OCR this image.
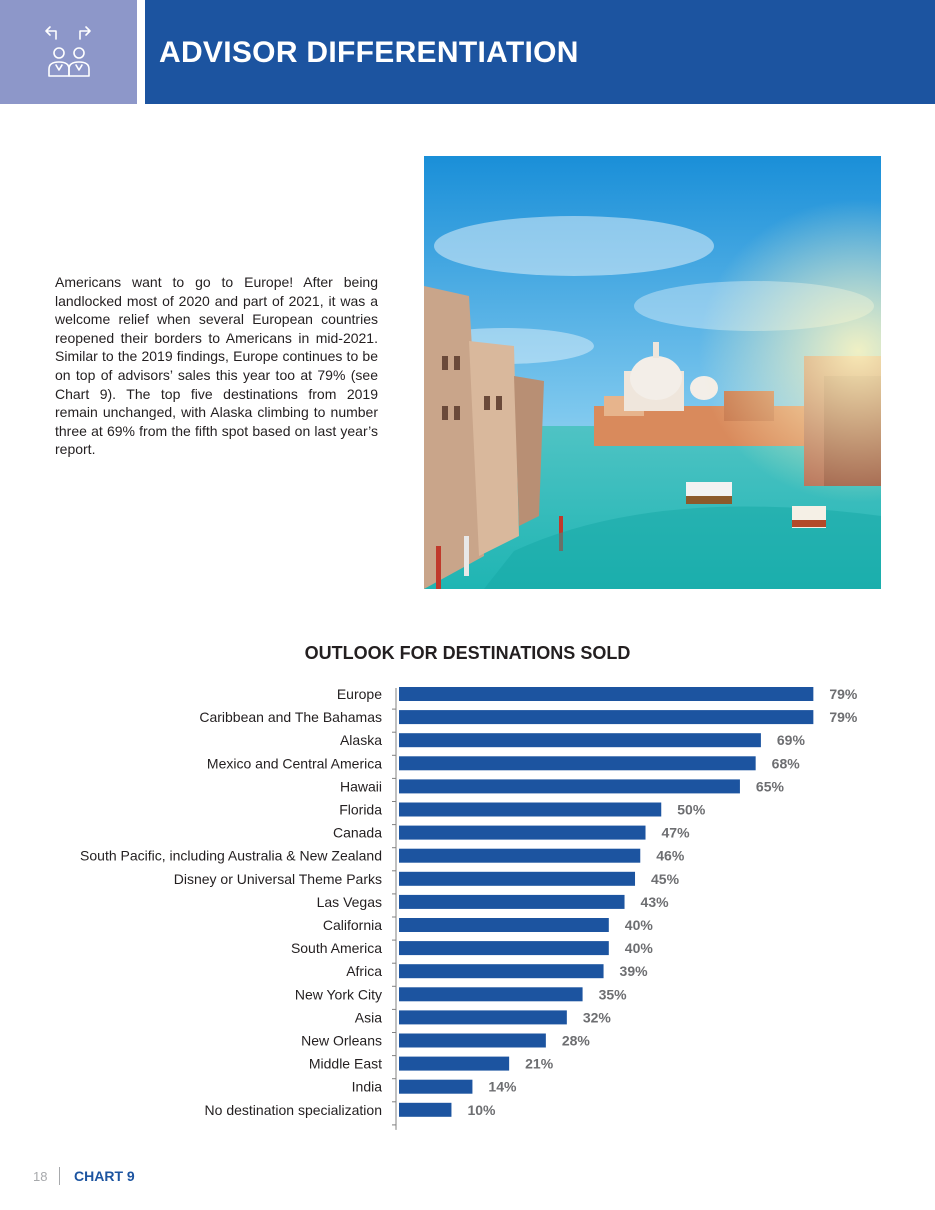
ADVISOR DIFFERENTIATION

Americans want to go to Europe! After being landlocked most of 2020 and part of 2021, it was a welcome relief when several European countries reopened their borders to Americans in mid-2021. Similar to the 2019 findings, Europe continues to be on top of advisors’ sales this year too at 79% (see Chart 9). The top five destinations from 2019 remain unchanged, with Alaska climbing to number three at 69% from the fifth spot based on last year’s report.

OUTLOOK FOR DESTINATIONS SOLD
Europe	79%
Caribbean and The Bahamas	79%
Alaska	69%
Mexico and Central America	68%
Hawaii	65%
Florida	50%
Canada	47%
South Pacific, including Australia & New Zealand	46%
Disney or Universal Theme Parks	45%
Las Vegas	43%
California	40%
South America	40%
Africa	39%
New York City	35%
Asia	32%
New Orleans	28%
Middle East	21%
India	14%
No destination specialization	10%
18 CHART 9
